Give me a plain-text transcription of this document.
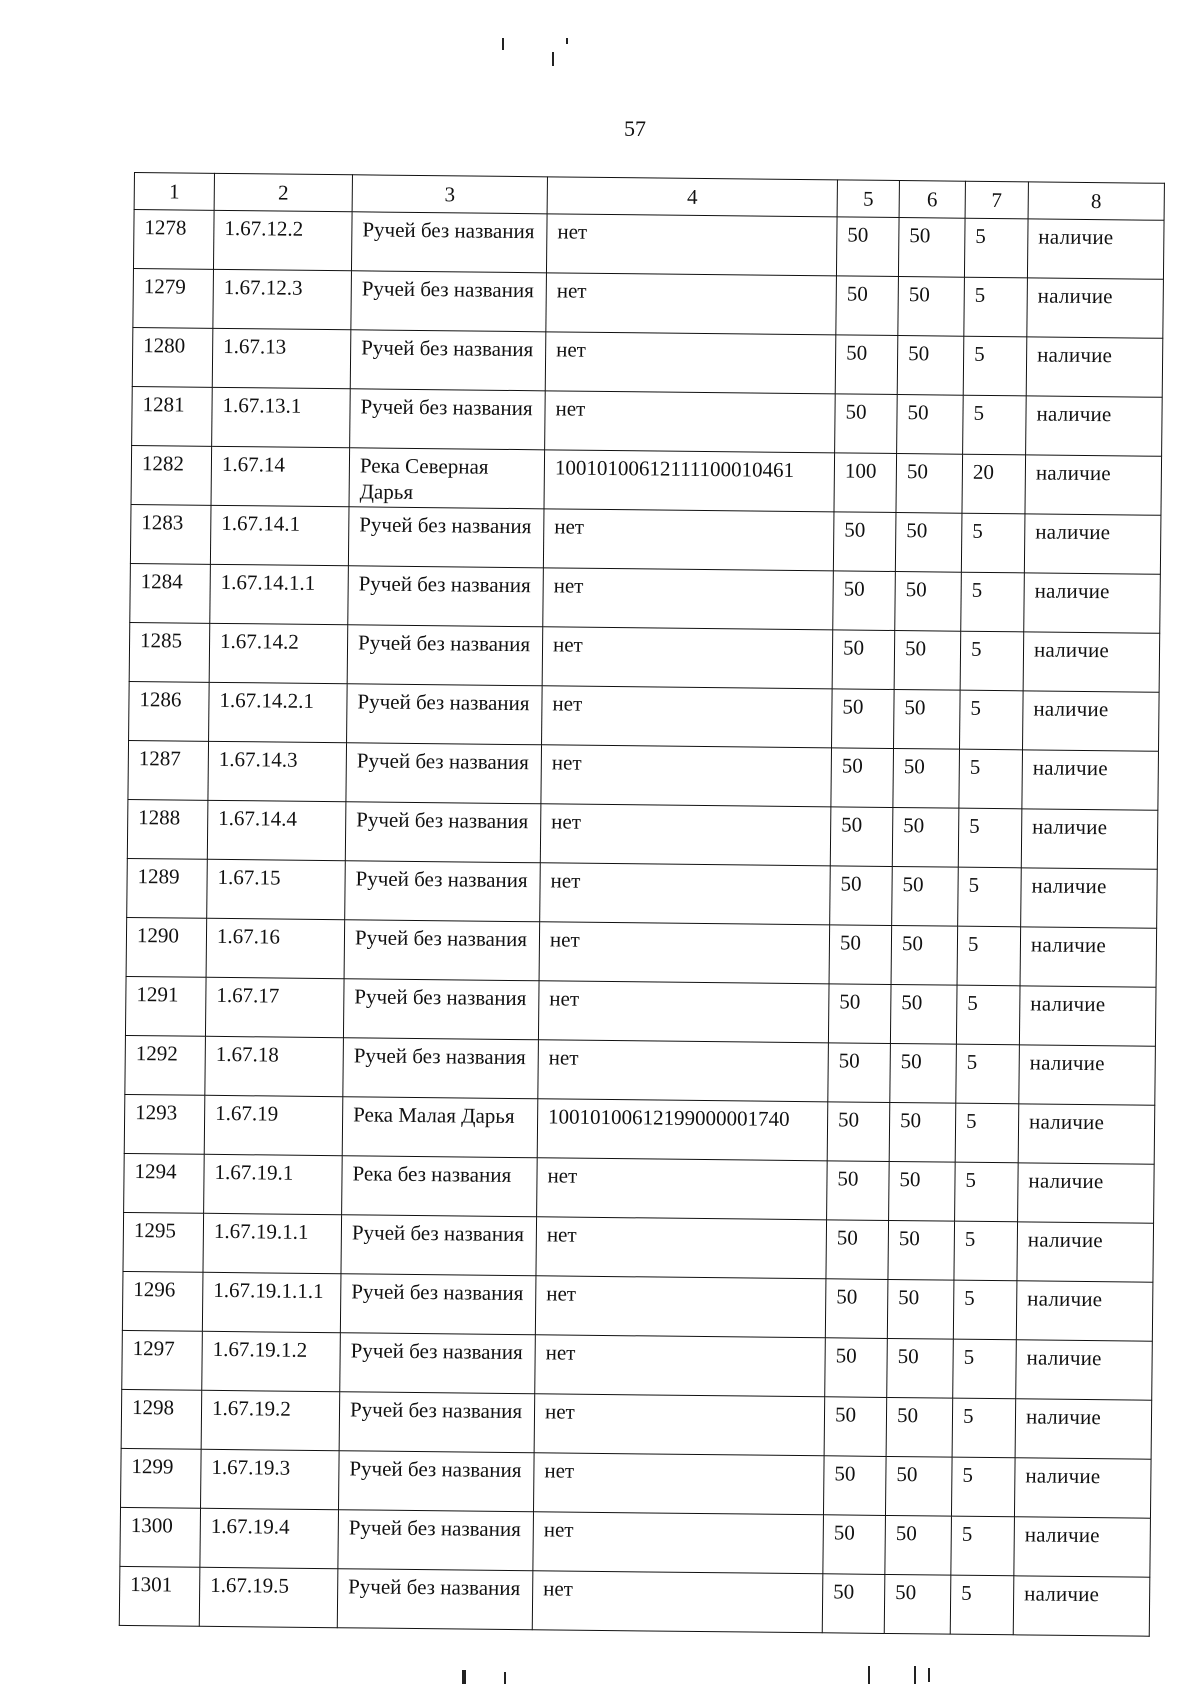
57
1	2	3	4	5	6	7	8
1278	1.67.12.2	Ручей без названия	нет	50	50	5	наличие
1279	1.67.12.3	Ручей без названия	нет	50	50	5	наличие
1280	1.67.13	Ручей без названия	нет	50	50	5	наличие
1281	1.67.13.1	Ручей без названия	нет	50	50	5	наличие
1282	1.67.14	Река Северная Дарья	10010100612111100010461	100	50	20	наличие
1283	1.67.14.1	Ручей без названия	нет	50	50	5	наличие
1284	1.67.14.1.1	Ручей без названия	нет	50	50	5	наличие
1285	1.67.14.2	Ручей без названия	нет	50	50	5	наличие
1286	1.67.14.2.1	Ручей без названия	нет	50	50	5	наличие
1287	1.67.14.3	Ручей без названия	нет	50	50	5	наличие
1288	1.67.14.4	Ручей без названия	нет	50	50	5	наличие
1289	1.67.15	Ручей без названия	нет	50	50	5	наличие
1290	1.67.16	Ручей без названия	нет	50	50	5	наличие
1291	1.67.17	Ручей без названия	нет	50	50	5	наличие
1292	1.67.18	Ручей без названия	нет	50	50	5	наличие
1293	1.67.19	Река Малая Дарья	10010100612199000001740	50	50	5	наличие
1294	1.67.19.1	Река без названия	нет	50	50	5	наличие
1295	1.67.19.1.1	Ручей без названия	нет	50	50	5	наличие
1296	1.67.19.1.1.1	Ручей без названия	нет	50	50	5	наличие
1297	1.67.19.1.2	Ручей без названия	нет	50	50	5	наличие
1298	1.67.19.2	Ручей без названия	нет	50	50	5	наличие
1299	1.67.19.3	Ручей без названия	нет	50	50	5	наличие
1300	1.67.19.4	Ручей без названия	нет	50	50	5	наличие
1301	1.67.19.5	Ручей без названия	нет	50	50	5	наличие
